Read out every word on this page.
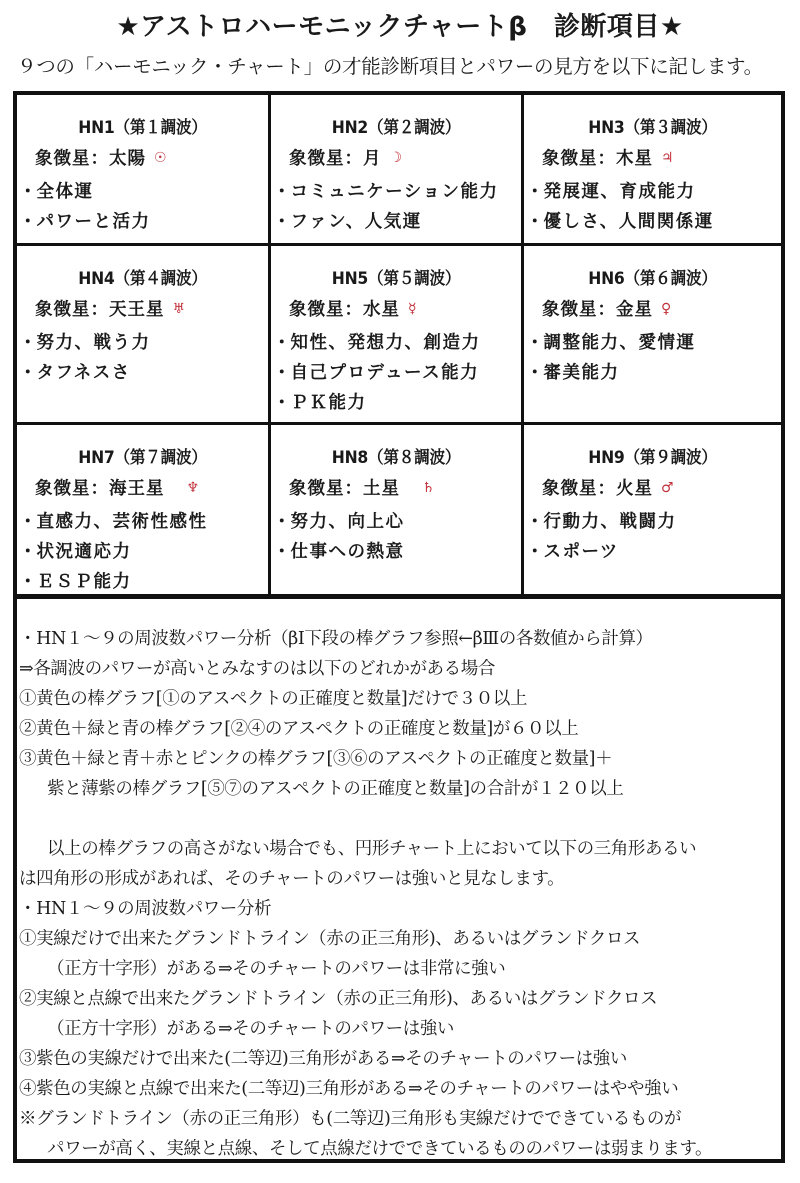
★アストロハーモニックチャートβ　診断項目★
９つの「ハーモニック・チャート」の才能診断項目とパワーの見方を以下に記します。
HN1（第１調波）
象徴星：太陽 ☉
・ 全体運
・ パワーと活力
HN2（第２調波）
象徴星：月 ☽
・ コミュニケーション能力
・ ファン、人気運
HN3（第３調波）
象徴星：木星 ♃
・ 発展運、育成能力
・ 優しさ、人間関係運
HN4（第４調波）
象徴星：天王星 ♅
・ 努力、戦う力
・ タフネスさ
HN5（第５調波）
象徴星：水星 ☿
・ 知性、発想力、創造力
・ 自己プロデュース能力
・ ＰＫ能力
HN6（第６調波）
象徴星：金星 ♀
・ 調整能力、愛情運
・ 審美能力
HN7（第７調波）
象徴星：海王星 ♆
・ 直感力、芸術性感性
・ 状況適応力
・ ＥＳＰ能力
HN8（第８調波）
象徴星：土星 ♄
・ 努力、向上心
・ 仕事への熱意
HN9（第９調波）
象徴星：火星 ♂
・ 行動力、戦闘力
・ スポーツ
・HN１～９の周波数パワー分析（βⅠ下段の棒グラフ参照←βⅢの各数値から計算）
⇒各調波のパワーが高いとみなすのは以下のどれかがある場合
①黄色の棒グラフ[①のアスペクトの正確度と数量]だけで３０以上
②黄色＋緑と青の棒グラフ[②④のアスペクトの正確度と数量]が６０以上
③黄色＋緑と青＋赤とピンクの棒グラフ[③⑥のアスペクトの正確度と数量]＋
紫と薄紫の棒グラフ[⑤⑦のアスペクトの正確度と数量]の合計が１２０以上
以上の棒グラフの高さがない場合でも、円形チャート上において以下の三角形あるい
は四角形の形成があれば、そのチャートのパワーは強いと見なします。
・HN１～９の周波数パワー分析
①実線だけで出来たグランドトライン（赤の正三角形)、あるいはグランドクロス
（正方十字形）がある⇒そのチャートのパワーは非常に強い
②実線と点線で出来たグランドトライン（赤の正三角形)、あるいはグランドクロス
（正方十字形）がある⇒そのチャートのパワーは強い
③紫色の実線だけで出来た(二等辺)三角形がある⇒そのチャートのパワーは強い
④紫色の実線と点線で出来た(二等辺)三角形がある⇒そのチャートのパワーはやや強い
※グランドトライン（赤の正三角形）も(二等辺)三角形も実線だけでできているものが
パワーが高く、実線と点線、そして点線だけでできているもののパワーは弱まります。
